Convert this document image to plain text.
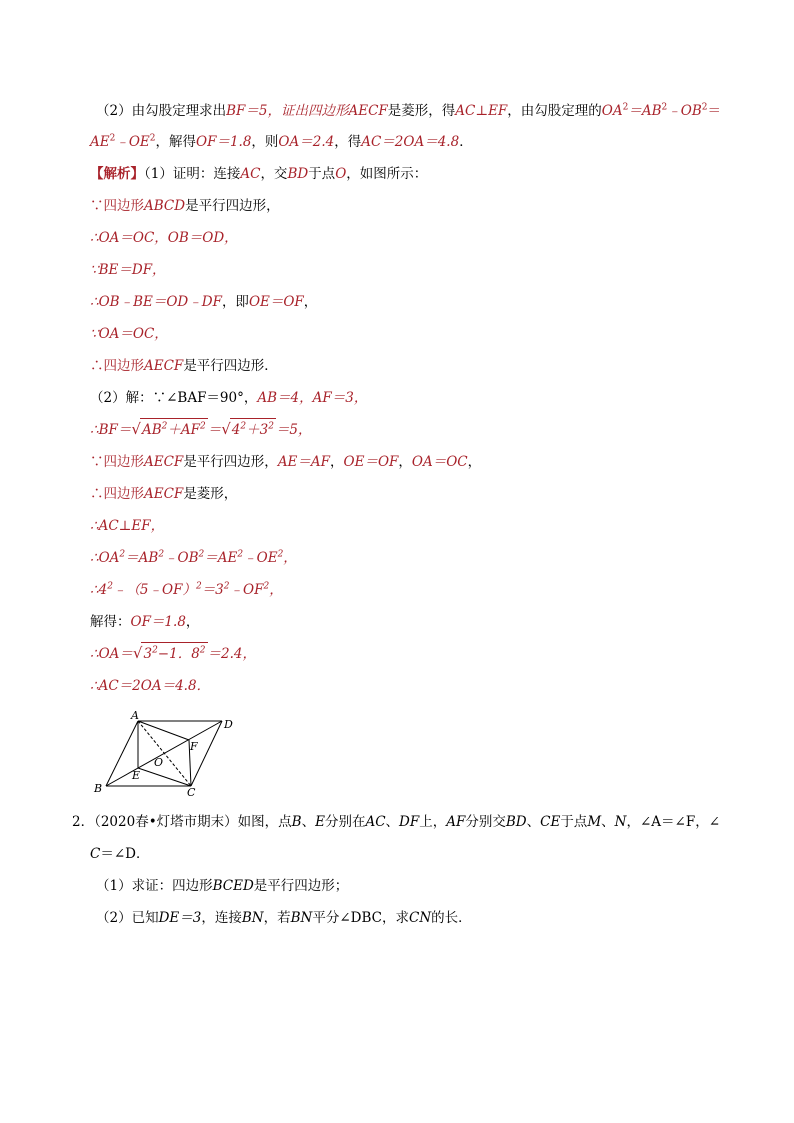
（2）由勾股定理求出BF＝5，证出四边形AECF是菱形，得AC⊥EF，由勾股定理的$OA^2=AB^2﹣OB^2=$
$AE^2﹣OE^2$，解得OF＝1.8，则OA＝2.4，得AC＝2OA＝4.8．
【解析】（1）证明：连接AC，交BD于点O，如图所示：
∵四边形ABCD是平行四边形，
∴OA＝OC，OB＝OD，
∵BE＝DF，
∴OB﹣BE＝OD﹣DF，即OE＝OF，
∵OA＝OC，
∴四边形AECF是平行四边形．
（2）解：∵∠BAF＝90°，AB＝4，AF＝3，
$\therefore BF=√AB^2+AF^2 =√4^2+3^2 =5$，
∵四边形AECF是平行四边形，AE＝AF，OE＝OF，OA＝OC，
∴四边形AECF是菱形，
∴AC⊥EF，
$\therefore OA^2=AB^2﹣OB^2=AE^2﹣OE^2$，
$\therefore 4^2﹣(5﹣OF)^2=3^2﹣OF^2$，
解得：OF＝1.8，
$\therefore OA=√3^2-1$．$8^2 =2.4$，
∴AC＝2OA＝4.8．
A
D
F
O
E
B	C
2．（2020春•灯塔市期末）如图，点B、E分别在AC、DF上，AF分别交BD、CE于点M、N，∠A＝∠F，∠
C＝∠D．
（1）求证：四边形BCED是平行四边形；
（2）已知DE＝3，连接BN，若BN平分∠DBC，求CN的长．
